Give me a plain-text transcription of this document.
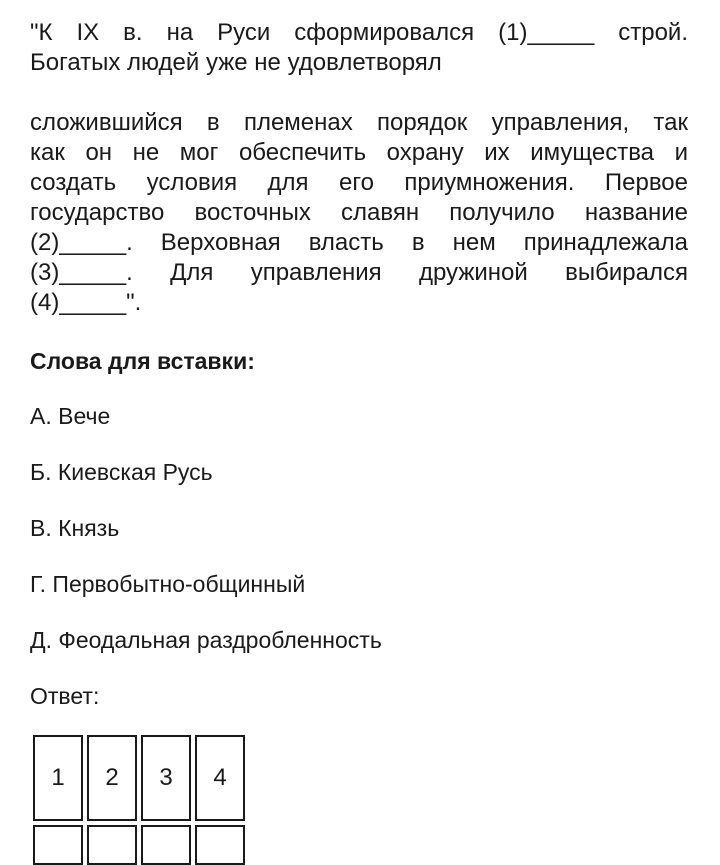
"К IX в. на Руси сформировался (1)_____ строй.
Богатых людей уже не удовлетворял
сложившийся в племенах порядок управления, так
как он не мог обеспечить охрану их имущества и
создать условия для его приумножения. Первое
государство восточных славян получило название
(2)_____. Верховная власть в нем принадлежала
(3)_____. Для управления дружиной выбирался
(4)_____".
Слова для вставки:
А. Вече
Б. Киевская Русь
В. Князь
Г. Первобытно-общинный
Д. Феодальная раздробленность
Ответ:
1	2	3	4
